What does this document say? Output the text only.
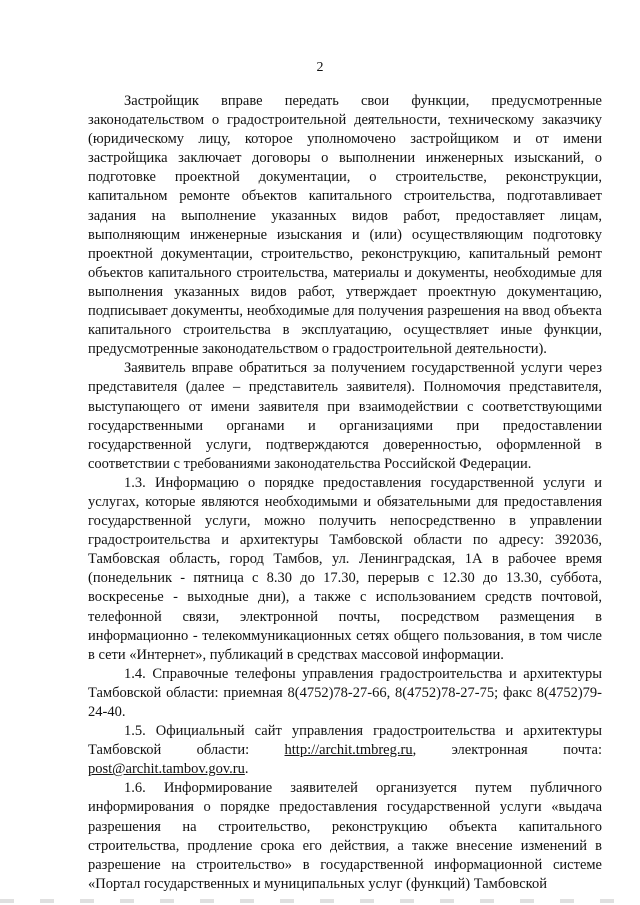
2

Застройщик вправе передать свои функции, предусмотренные законодательством о градостроительной деятельности, техническому заказчику (юридическому лицу, которое уполномочено застройщиком и от имени застройщика заключает договоры о выполнении инженерных изысканий, о подготовке проектной документации, о строительстве, реконструкции, капитальном ремонте объектов капитального строительства, подготавливает задания на выполнение указанных видов работ, предоставляет лицам, выполняющим инженерные изыскания и (или) осуществляющим подготовку проектной документации, строительство, реконструкцию, капитальный ремонт объектов капитального строительства, материалы и документы, необходимые для выполнения указанных видов работ, утверждает проектную документацию, подписывает документы, необходимые для получения разрешения на ввод объекта капитального строительства в эксплуатацию, осуществляет иные функции, предусмотренные законодательством о градостроительной деятельности).

Заявитель вправе обратиться за получением государственной услуги через представителя (далее – представитель заявителя). Полномочия представителя, выступающего от имени заявителя при взаимодействии с соответствующими государственными органами и организациями при предоставлении государственной услуги, подтверждаются доверенностью, оформленной в соответствии с требованиями законодательства Российской Федерации.

1.3. Информацию о порядке предоставления государственной услуги и услугах, которые являются необходимыми и обязательными для предоставления государственной услуги, можно получить непосредственно в управлении градостроительства и архитектуры Тамбовской области по адресу: 392036, Тамбовская область, город Тамбов, ул. Ленинградская, 1А в рабочее время (понедельник - пятница с 8.30 до 17.30, перерыв с 12.30 до 13.30, суббота, воскресенье - выходные дни), а также с использованием средств почтовой, телефонной связи, электронной почты, посредством размещения в информационно - телекоммуникационных сетях общего пользования, в том числе в сети «Интернет», публикаций в средствах массовой информации.

1.4. Справочные телефоны управления градостроительства и архитектуры Тамбовской области: приемная 8(4752)78-27-66, 8(4752)78-27-75; факс 8(4752)79-24-40.

1.5. Официальный сайт управления градостроительства и архитектуры Тамбовской области: http://archit.tmbreg.ru, электронная почта: post@archit.tambov.gov.ru.

1.6. Информирование заявителей организуется путем публичного информирования о порядке предоставления государственной услуги «выдача разрешения на строительство, реконструкцию объекта капитального строительства, продление срока его действия, а также внесение изменений в разрешение на строительство» в государственной информационной системе «Портал государственных и муниципальных услуг (функций) Тамбовской
